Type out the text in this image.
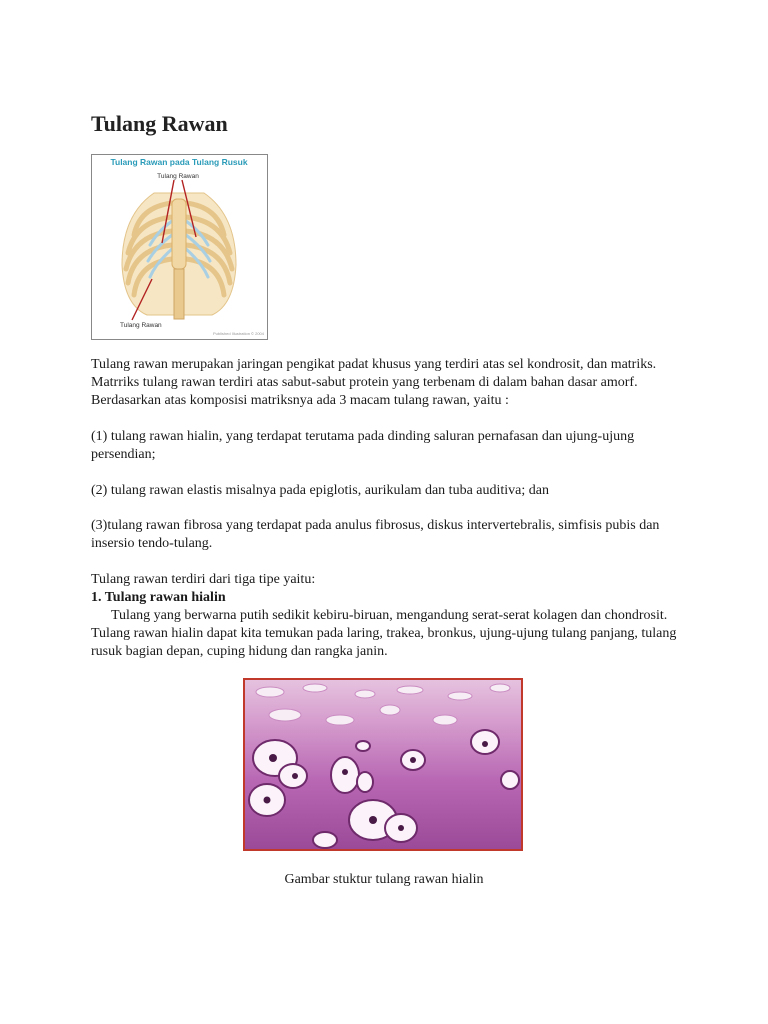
Tulang Rawan
Tulang Rawan pada Tulang Rusuk
Tulang Rawan
Tulang Rawan
Published Illustration © 2004

Tulang rawan merupakan jaringan pengikat padat khusus yang terdiri atas sel kondrosit, dan matriks. Matrriks tulang rawan terdiri atas sabut-sabut protein yang terbenam di dalam bahan dasar amorf. Berdasarkan atas komposisi matriksnya ada 3 macam tulang rawan, yaitu :

(1) tulang rawan hialin, yang terdapat terutama pada dinding saluran pernafasan dan ujung-ujung persendian;

(2) tulang rawan elastis misalnya pada epiglotis, aurikulam dan tuba auditiva; dan

(3)tulang rawan fibrosa yang terdapat pada anulus fibrosus, diskus intervertebralis, simfisis pubis dan insersio tendo-tulang.

Tulang rawan terdiri dari tiga tipe yaitu:

1. Tulang rawan hialin

Tulang yang berwarna putih sedikit kebiru-biruan, mengandung serat-serat kolagen dan chondrosit. Tulang rawan hialin dapat kita temukan pada laring, trakea, bronkus, ujung-ujung tulang panjang, tulang rusuk bagian depan, cuping hidung dan rangka janin.

Gambar stuktur tulang rawan hialin
